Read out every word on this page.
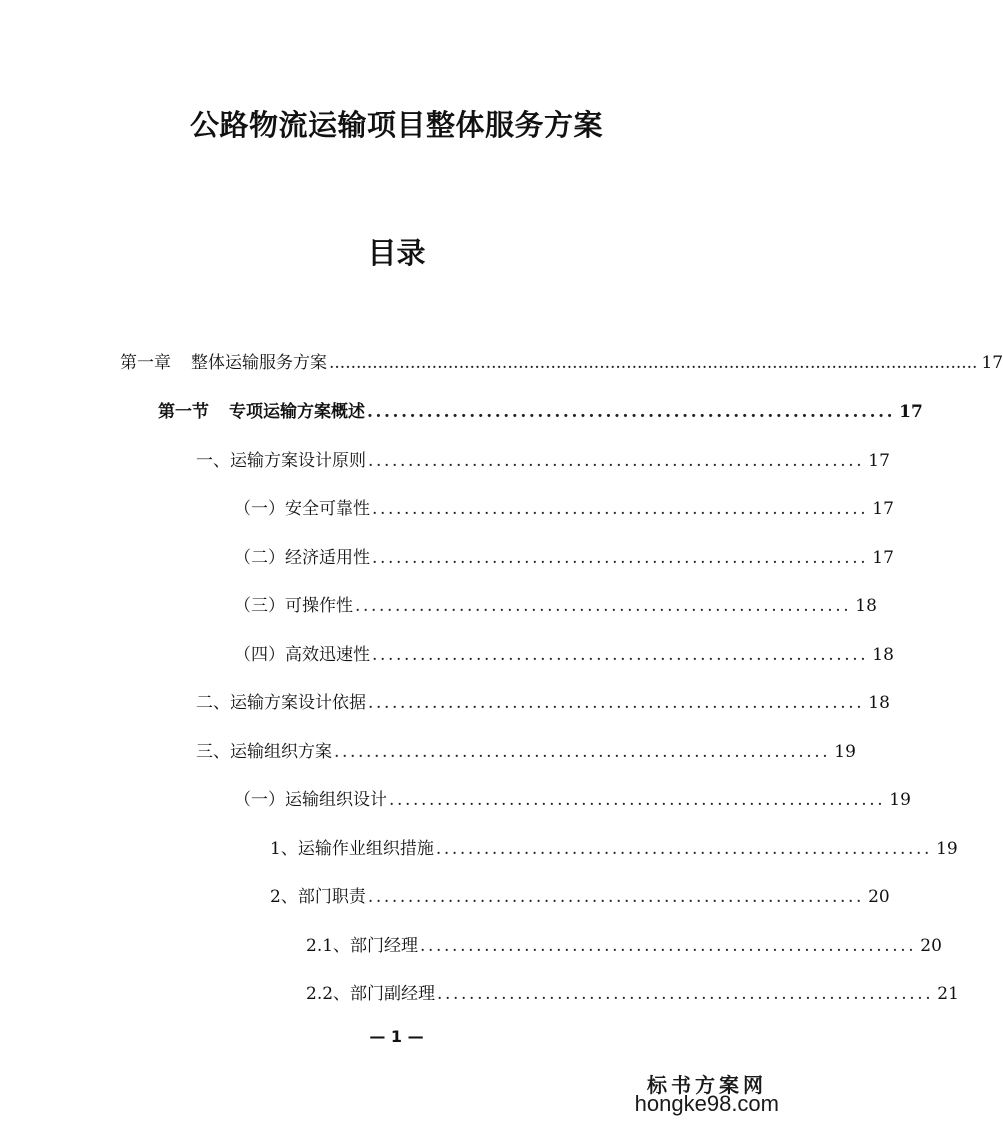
公路物流运输项目整体服务方案
目录
第一章 整体运输服务方案 ........................................................................................................................ 17
第一节 专项运输方案概述 .............................................................. 17
一、运输方案设计原则 .............................................................. 17
（一）安全可靠性 .............................................................. 17
（二）经济适用性 .............................................................. 17
（三）可操作性 .............................................................. 18
（四）高效迅速性 .............................................................. 18
二、运输方案设计依据 .............................................................. 18
三、运输组织方案 .............................................................. 19
（一）运输组织设计 .............................................................. 19
1、运输作业组织措施 .............................................................. 19
2、部门职责 .............................................................. 20
2.1、部门经理 .............................................................. 20
2.2、部门副经理 .............................................................. 21
— 1 —
标书方案网
hongke98.com
